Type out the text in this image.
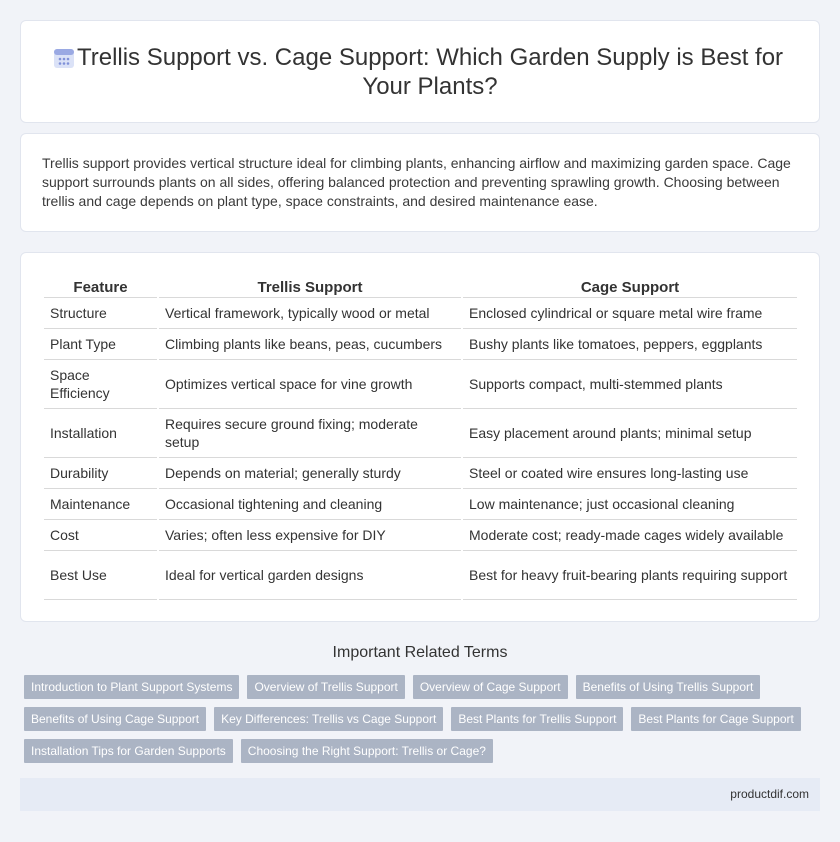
Trellis Support vs. Cage Support: Which Garden Supply is Best for Your Plants?

Trellis support provides vertical structure ideal for climbing plants, enhancing airflow and maximizing garden space. Cage support surrounds plants on all sides, offering balanced protection and preventing sprawling growth. Choosing between trellis and cage depends on plant type, space constraints, and desired maintenance ease.

Feature	Trellis Support	Cage Support
Structure	Vertical framework, typically wood or metal	Enclosed cylindrical or square metal wire frame
Plant Type	Climbing plants like beans, peas, cucumbers	Bushy plants like tomatoes, peppers, eggplants
Space Efficiency	Optimizes vertical space for vine growth	Supports compact, multi-stemmed plants
Installation	Requires secure ground fixing; moderate setup	Easy placement around plants; minimal setup
Durability	Depends on material; generally sturdy	Steel or coated wire ensures long-lasting use
Maintenance	Occasional tightening and cleaning	Low maintenance; just occasional cleaning
Cost	Varies; often less expensive for DIY	Moderate cost; ready-made cages widely available
Best Use	Ideal for vertical garden designs	Best for heavy fruit-bearing plants requiring support
Important Related Terms
Introduction to Plant Support Systems	Overview of Trellis Support	Overview of Cage Support	Benefits of Using Trellis Support
Benefits of Using Cage Support	Key Differences: Trellis vs Cage Support	Best Plants for Trellis Support	Best Plants for Cage Support
Installation Tips for Garden Supports	Choosing the Right Support: Trellis or Cage?
productdif.com
